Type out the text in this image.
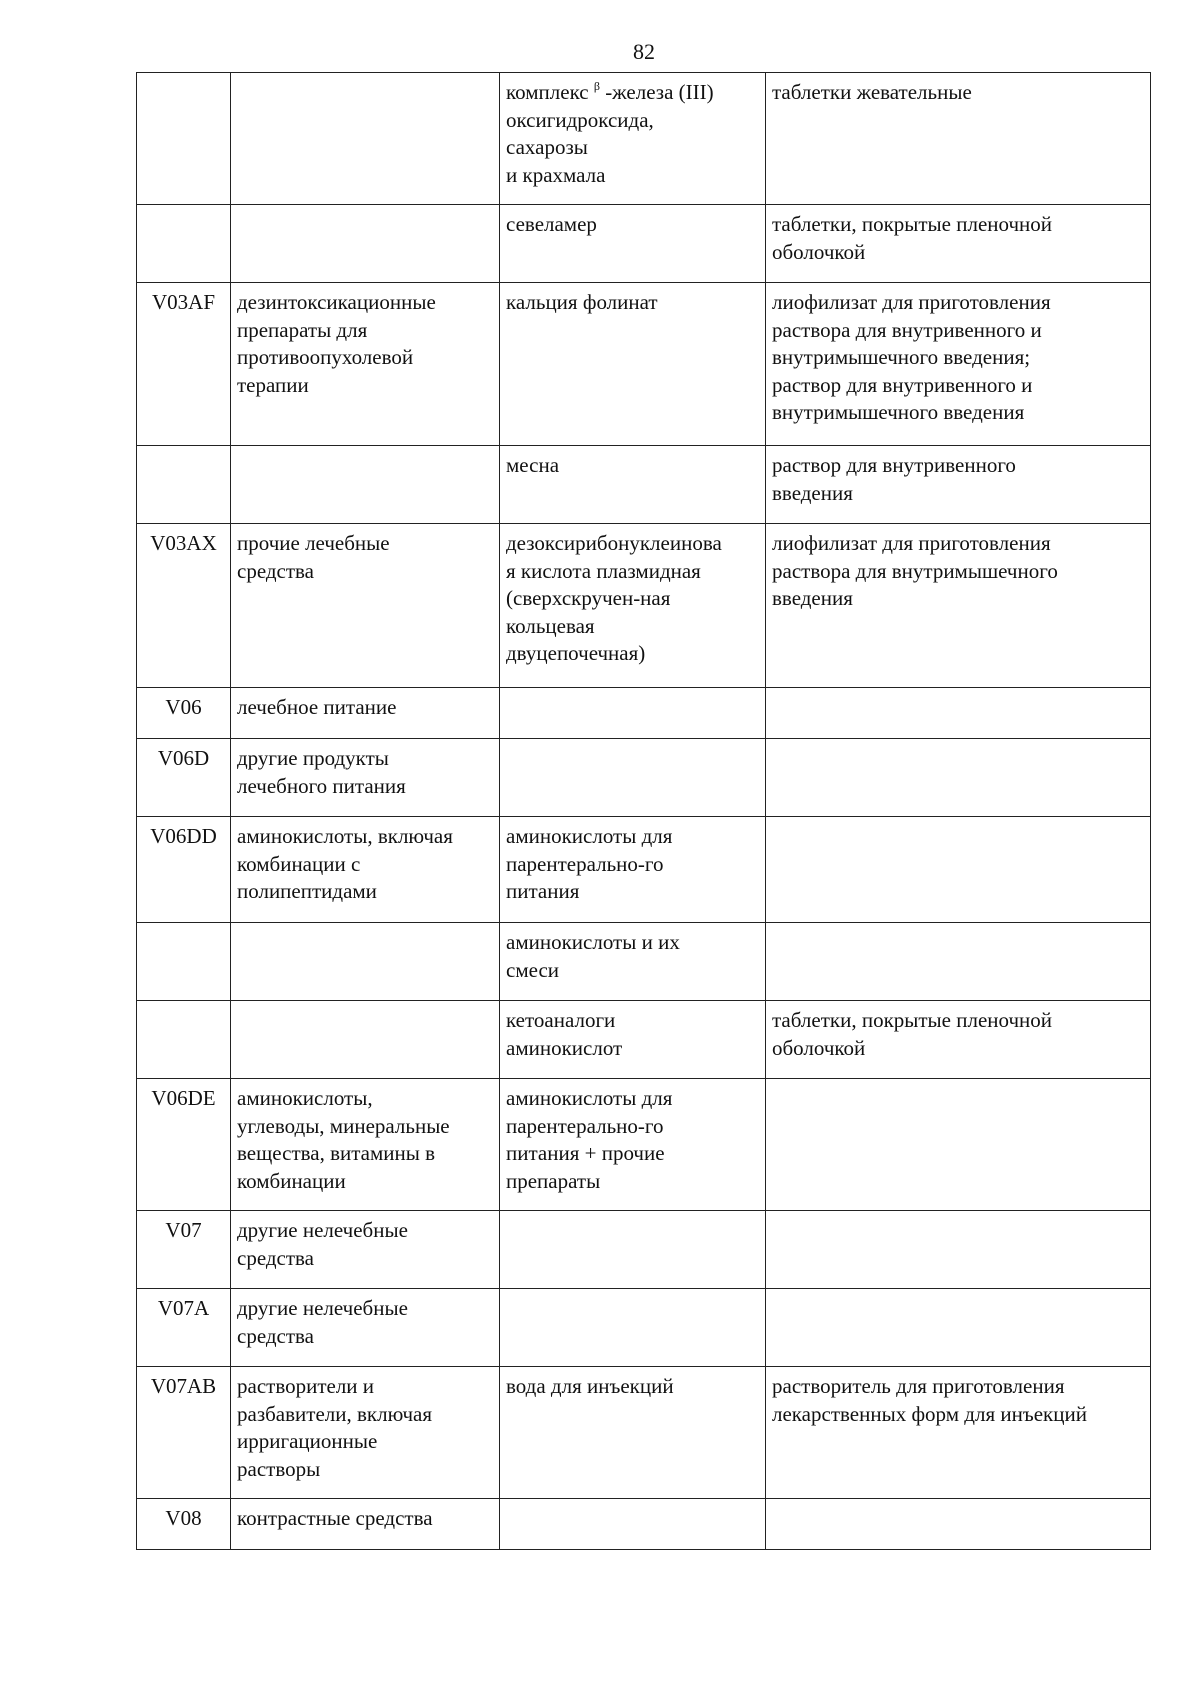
82
		комплекс $^\beta$ -железа (III)
оксигидроксида,
сахарозы
и крахмала	таблетки жевательные
		севеламер	таблетки, покрытые пленочной
оболочкой
V03AF	дезинтоксикационные
препараты для
противоопухолевой
терапии	кальция фолинат	лиофилизат для приготовления
раствора для внутривенного и
внутримышечного введения;
раствор для внутривенного и
внутримышечного введения
		месна	раствор для внутривенного
введения
V03AX	прочие лечебные
средства	дезоксирибонуклеинова
я кислота плазмидная
(сверхскручен-ная
кольцевая
двуцепочечная)	лиофилизат для приготовления
раствора для внутримышечного
введения
V06	лечебное питание		
V06D	другие продукты
лечебного питания		
V06DD	аминокислоты, включая
комбинации с
полипептидами	аминокислоты для
парентерально-го
питания	
		аминокислоты и их
смеси	
		кетоаналоги
аминокислот	таблетки, покрытые пленочной
оболочкой
V06DE	аминокислоты,
углеводы, минеральные
вещества, витамины в
комбинации	аминокислоты для
парентерально-го
питания + прочие
препараты	
V07	другие нелечебные
средства		
V07A	другие нелечебные
средства		
V07AB	растворители и
разбавители, включая
ирригационные
растворы	вода для инъекций	растворитель для приготовления
лекарственных форм для инъекций
V08	контрастные средства		
